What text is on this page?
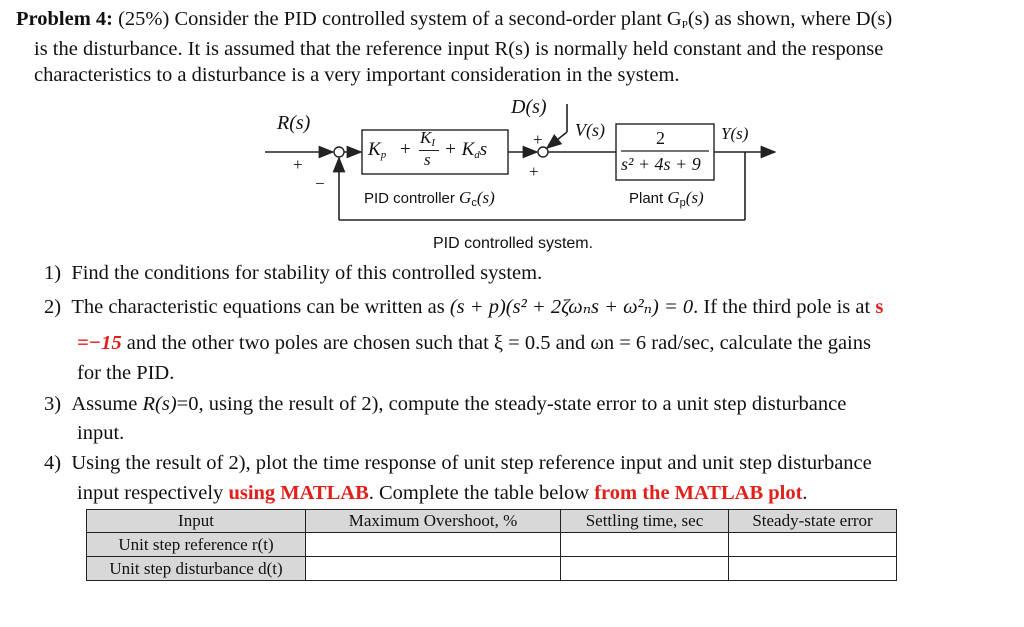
Problem 4: (25%) Consider the PID controlled system of a second-order plant $G_P(s)$ as shown, where D(s)
is the disturbance. It is assumed that the reference input R(s) is normally held constant and the response
characteristics to a disturbance is a very important consideration in the system.
R(s)
+
−
$K_p$ +
$K_I$
$s + K_ds$	+
+
D(s)
V(s)	2
s² + 4s + 9
Y(s)
PID controller $G_c(s)$	Plant $G_p(s)$
PID controlled system.
1) Find the conditions for stability of this controlled system.
2) The characteristic equations can be written as (s + p)(s² + 2ζωₙs + ω²ₙ) = 0. If the third pole is at s
=−15 and the other two poles are chosen such that ξ = 0.5 and ωn = 6 rad/sec, calculate the gains
for the PID.
3) Assume R(s)=0, using the result of 2), compute the steady-state error to a unit step disturbance
input.
4) Using the result of 2), plot the time response of unit step reference input and unit step disturbance
input respectively using MATLAB. Complete the table below from the MATLAB plot.
Input	Maximum Overshoot, %	Settling time, sec	Steady-state error
Unit step reference r(t)			
Unit step disturbance d(t)			
